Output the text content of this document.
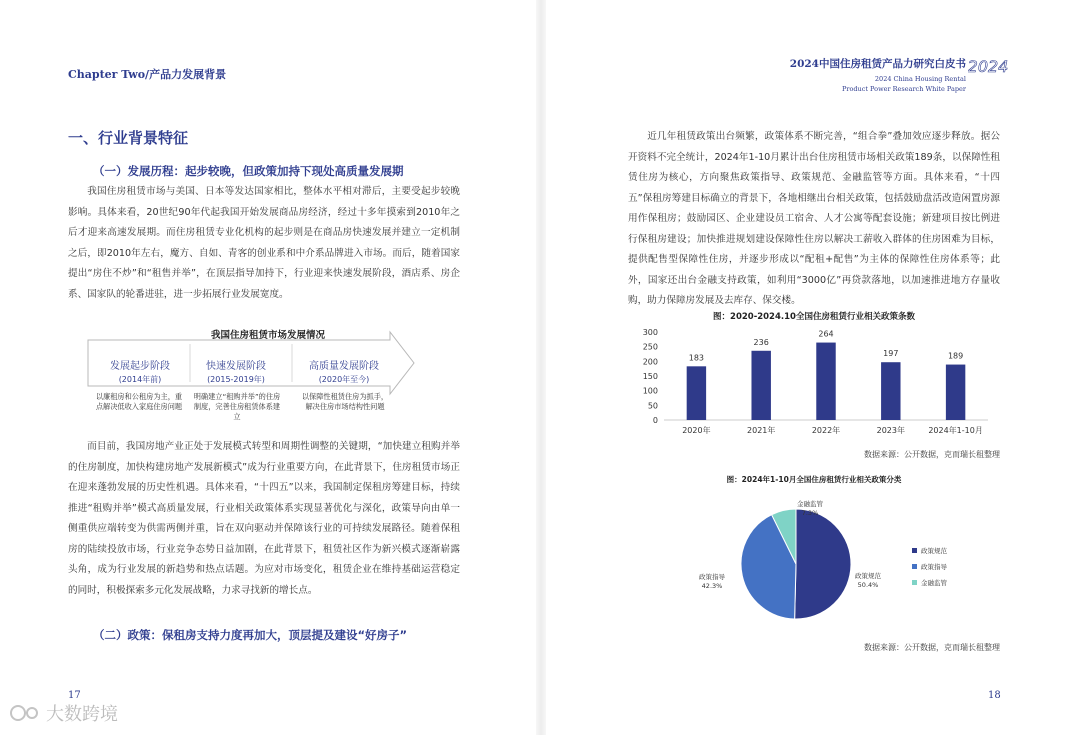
Chapter Two/产品力发展背景
2024中国住房租赁产品力研究白皮书
2024 China Housing Rental
Product Power Research White Paper
2024
一、行业背景特征
（一）发展历程：起步较晚，但政策加持下现处高质量发展期

我国住房租赁市场与美国、日本等发达国家相比，整体水平相对滞后，主要受起步较晚影响。具体来看，20世纪90年代起我国开始发展商品房经济，经过十多年摸索到2010年之后才迎来高速发展期。而住房租赁专业化机构的起步则是在商品房快速发展并建立一定机制之后，即2010年左右，魔方、自如、青客的创业系和中介系品牌进入市场。而后，随着国家提出“房住不炒”和“租售并举”，在顶层指导加持下，行业迎来快速发展阶段，酒店系、房企系、国家队的轮番进驻，进一步拓展行业发展宽度。

我国住房租赁市场发展情况
发展起步阶段
(2014年前)
快速发展阶段
(2015-2019年)
高质量发展阶段
(2020年至今)
以廉租房和公租房为主，重点解决低收入家庭住房问题
明确建立“租购并举”的住房制度，完善住房租赁体系建立
以保障性租赁住房为抓手，解决住房市场结构性问题

而目前，我国房地产业正处于发展模式转型和周期性调整的关键期，“加快建立租购并举的住房制度，加快构建房地产发展新模式”成为行业重要方向，在此背景下，住房租赁市场正在迎来蓬勃发展的历史性机遇。具体来看，“十四五”以来，我国制定保租房筹建目标，持续推进“租购并举”模式高质量发展，行业相关政策体系实现显著优化与深化，政策导向由单一侧重供应端转变为供需两侧并重，旨在双向驱动并保障该行业的可持续发展路径。随着保租房的陆续投放市场，行业竞争态势日益加剧，在此背景下，租赁社区作为新兴模式逐渐崭露头角，成为行业发展的新趋势和热点话题。为应对市场变化，租赁企业在维持基础运营稳定的同时，积极探索多元化发展战略，力求寻找新的增长点。

（二）政策：保租房支持力度再加大，顶层提及建设“好房子”
17
大数跨境

近几年租赁政策出台频繁，政策体系不断完善，“组合拳”叠加效应逐步释放。据公开资料不完全统计，2024年1-10月累计出台住房租赁市场相关政策189条，以保障性租赁住房为核心，方向聚焦政策指导、政策规范、金融监管等方面。具体来看，“十四五”保租房筹建目标确立的背景下，各地相继出台相关政策，包括鼓励盘活改造闲置房源用作保租房；鼓励园区、企业建设员工宿舍、人才公寓等配套设施；新建项目按比例进行保租房建设；加快推进规划建设保障性住房以解决工薪收入群体的住房困难为目标，提供配售型保障性住房，并逐步形成以“配租+配售”为主体的保障性住房体系等；此外，国家还出台金融支持政策，如利用“3000亿”再贷款落地，以加速推进地方存量收购，助力保障房发展及去库存、保交楼。

图：2020-2024.10全国住房租赁行业相关政策条数
0
50
100
150
200
250
300
183
2020年
236
2021年
264
2022年
197
2023年
189
2024年1-10月
数据来源：公开数据，克而瑞长租整理
图：2024年1-10月全国住房租赁行业相关政策分类
政策规范
50.4%
政策指导
42.3%
金融监管
7.3%
政策规范
政策指导
金融监管
数据来源：公开数据，克而瑞长租整理
18
